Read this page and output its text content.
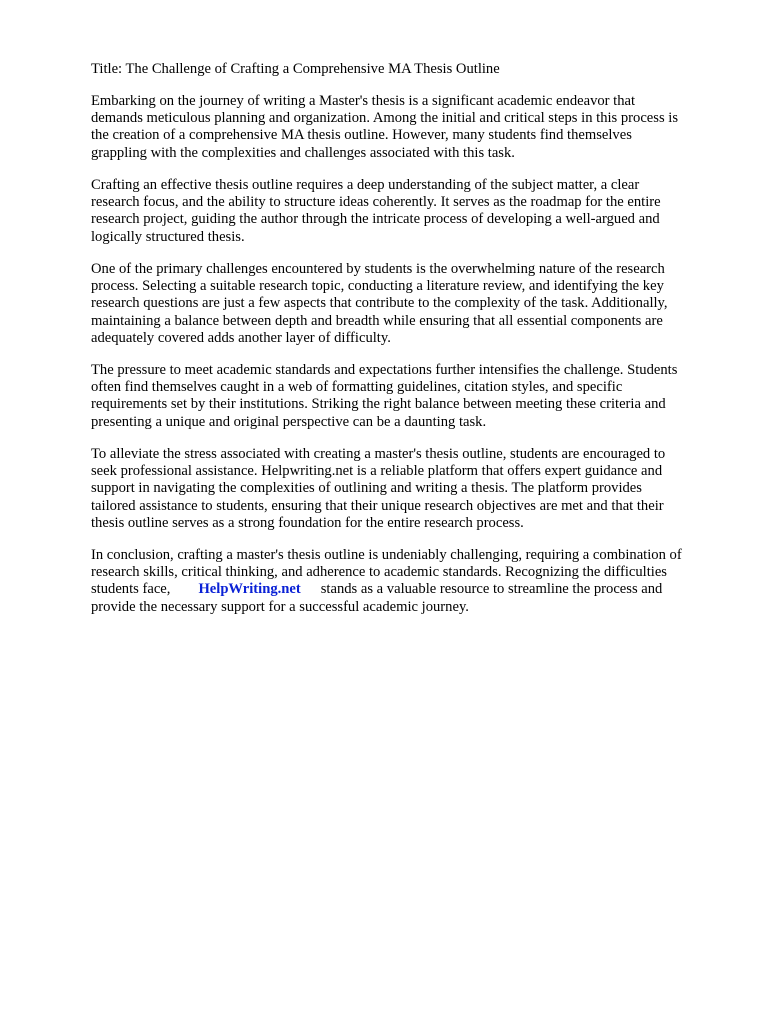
Title: The Challenge of Crafting a Comprehensive MA Thesis Outline

Embarking on the journey of writing a Master's thesis is a significant academic endeavor that
demands meticulous planning and organization. Among the initial and critical steps in this process is
the creation of a comprehensive MA thesis outline. However, many students find themselves
grappling with the complexities and challenges associated with this task.

Crafting an effective thesis outline requires a deep understanding of the subject matter, a clear
research focus, and the ability to structure ideas coherently. It serves as the roadmap for the entire
research project, guiding the author through the intricate process of developing a well-argued and
logically structured thesis.

One of the primary challenges encountered by students is the overwhelming nature of the research
process. Selecting a suitable research topic, conducting a literature review, and identifying the key
research questions are just a few aspects that contribute to the complexity of the task. Additionally,
maintaining a balance between depth and breadth while ensuring that all essential components are
adequately covered adds another layer of difficulty.

The pressure to meet academic standards and expectations further intensifies the challenge. Students
often find themselves caught in a web of formatting guidelines, citation styles, and specific
requirements set by their institutions. Striking the right balance between meeting these criteria and
presenting a unique and original perspective can be a daunting task.

To alleviate the stress associated with creating a master's thesis outline, students are encouraged to
seek professional assistance. Helpwriting.net is a reliable platform that offers expert guidance and
support in navigating the complexities of outlining and writing a thesis. The platform provides
tailored assistance to students, ensuring that their unique research objectives are met and that their
thesis outline serves as a strong foundation for the entire research process.

In conclusion, crafting a master's thesis outline is undeniably challenging, requiring a combination of
research skills, critical thinking, and adherence to academic standards. Recognizing the difficulties
students face, HelpWriting.net stands as a valuable resource to streamline the process and
provide the necessary support for a successful academic journey.
